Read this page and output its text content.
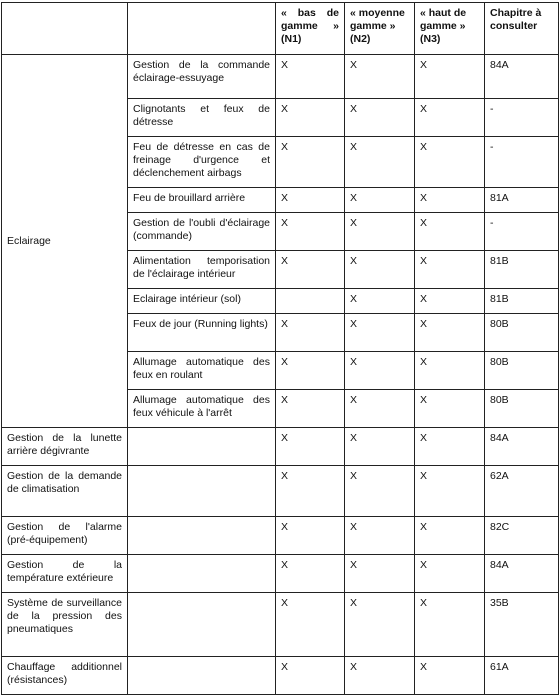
		« bas de gamme » (N1)	« moyenne gamme » (N2)	« haut de gamme » (N3)	Chapitre à consulter
Eclairage	Gestion de la commande éclairage-essuyage	X	X	X	84A
	Clignotants et feux de détresse	X	X	X	-
	Feu de détresse en cas de freinage d'urgence et déclenchement airbags	X	X	X	-
	Feu de brouillard arrière	X	X	X	81A
	Gestion de l'oubli d'éclairage (commande)	X	X	X	-
	Alimentation temporisation de l'éclairage intérieur	X	X	X	81B
	Eclairage intérieur (sol)		X	X	81B
	Feux de jour (Running lights)	X	X	X	80B
	Allumage automatique des feux en roulant	X	X	X	80B
	Allumage automatique des feux véhicule à l'arrêt	X	X	X	80B
Gestion de la lunette arrière dégivrante		X	X	X	84A
Gestion de la demande de climatisation		X	X	X	62A
Gestion de l'alarme (pré-équipement)		X	X	X	82C
Gestion de la température extérieure		X	X	X	84A
Système de surveillance de la pression des pneumatiques		X	X	X	35B
Chauffage additionnel (résistances)		X	X	X	61A
